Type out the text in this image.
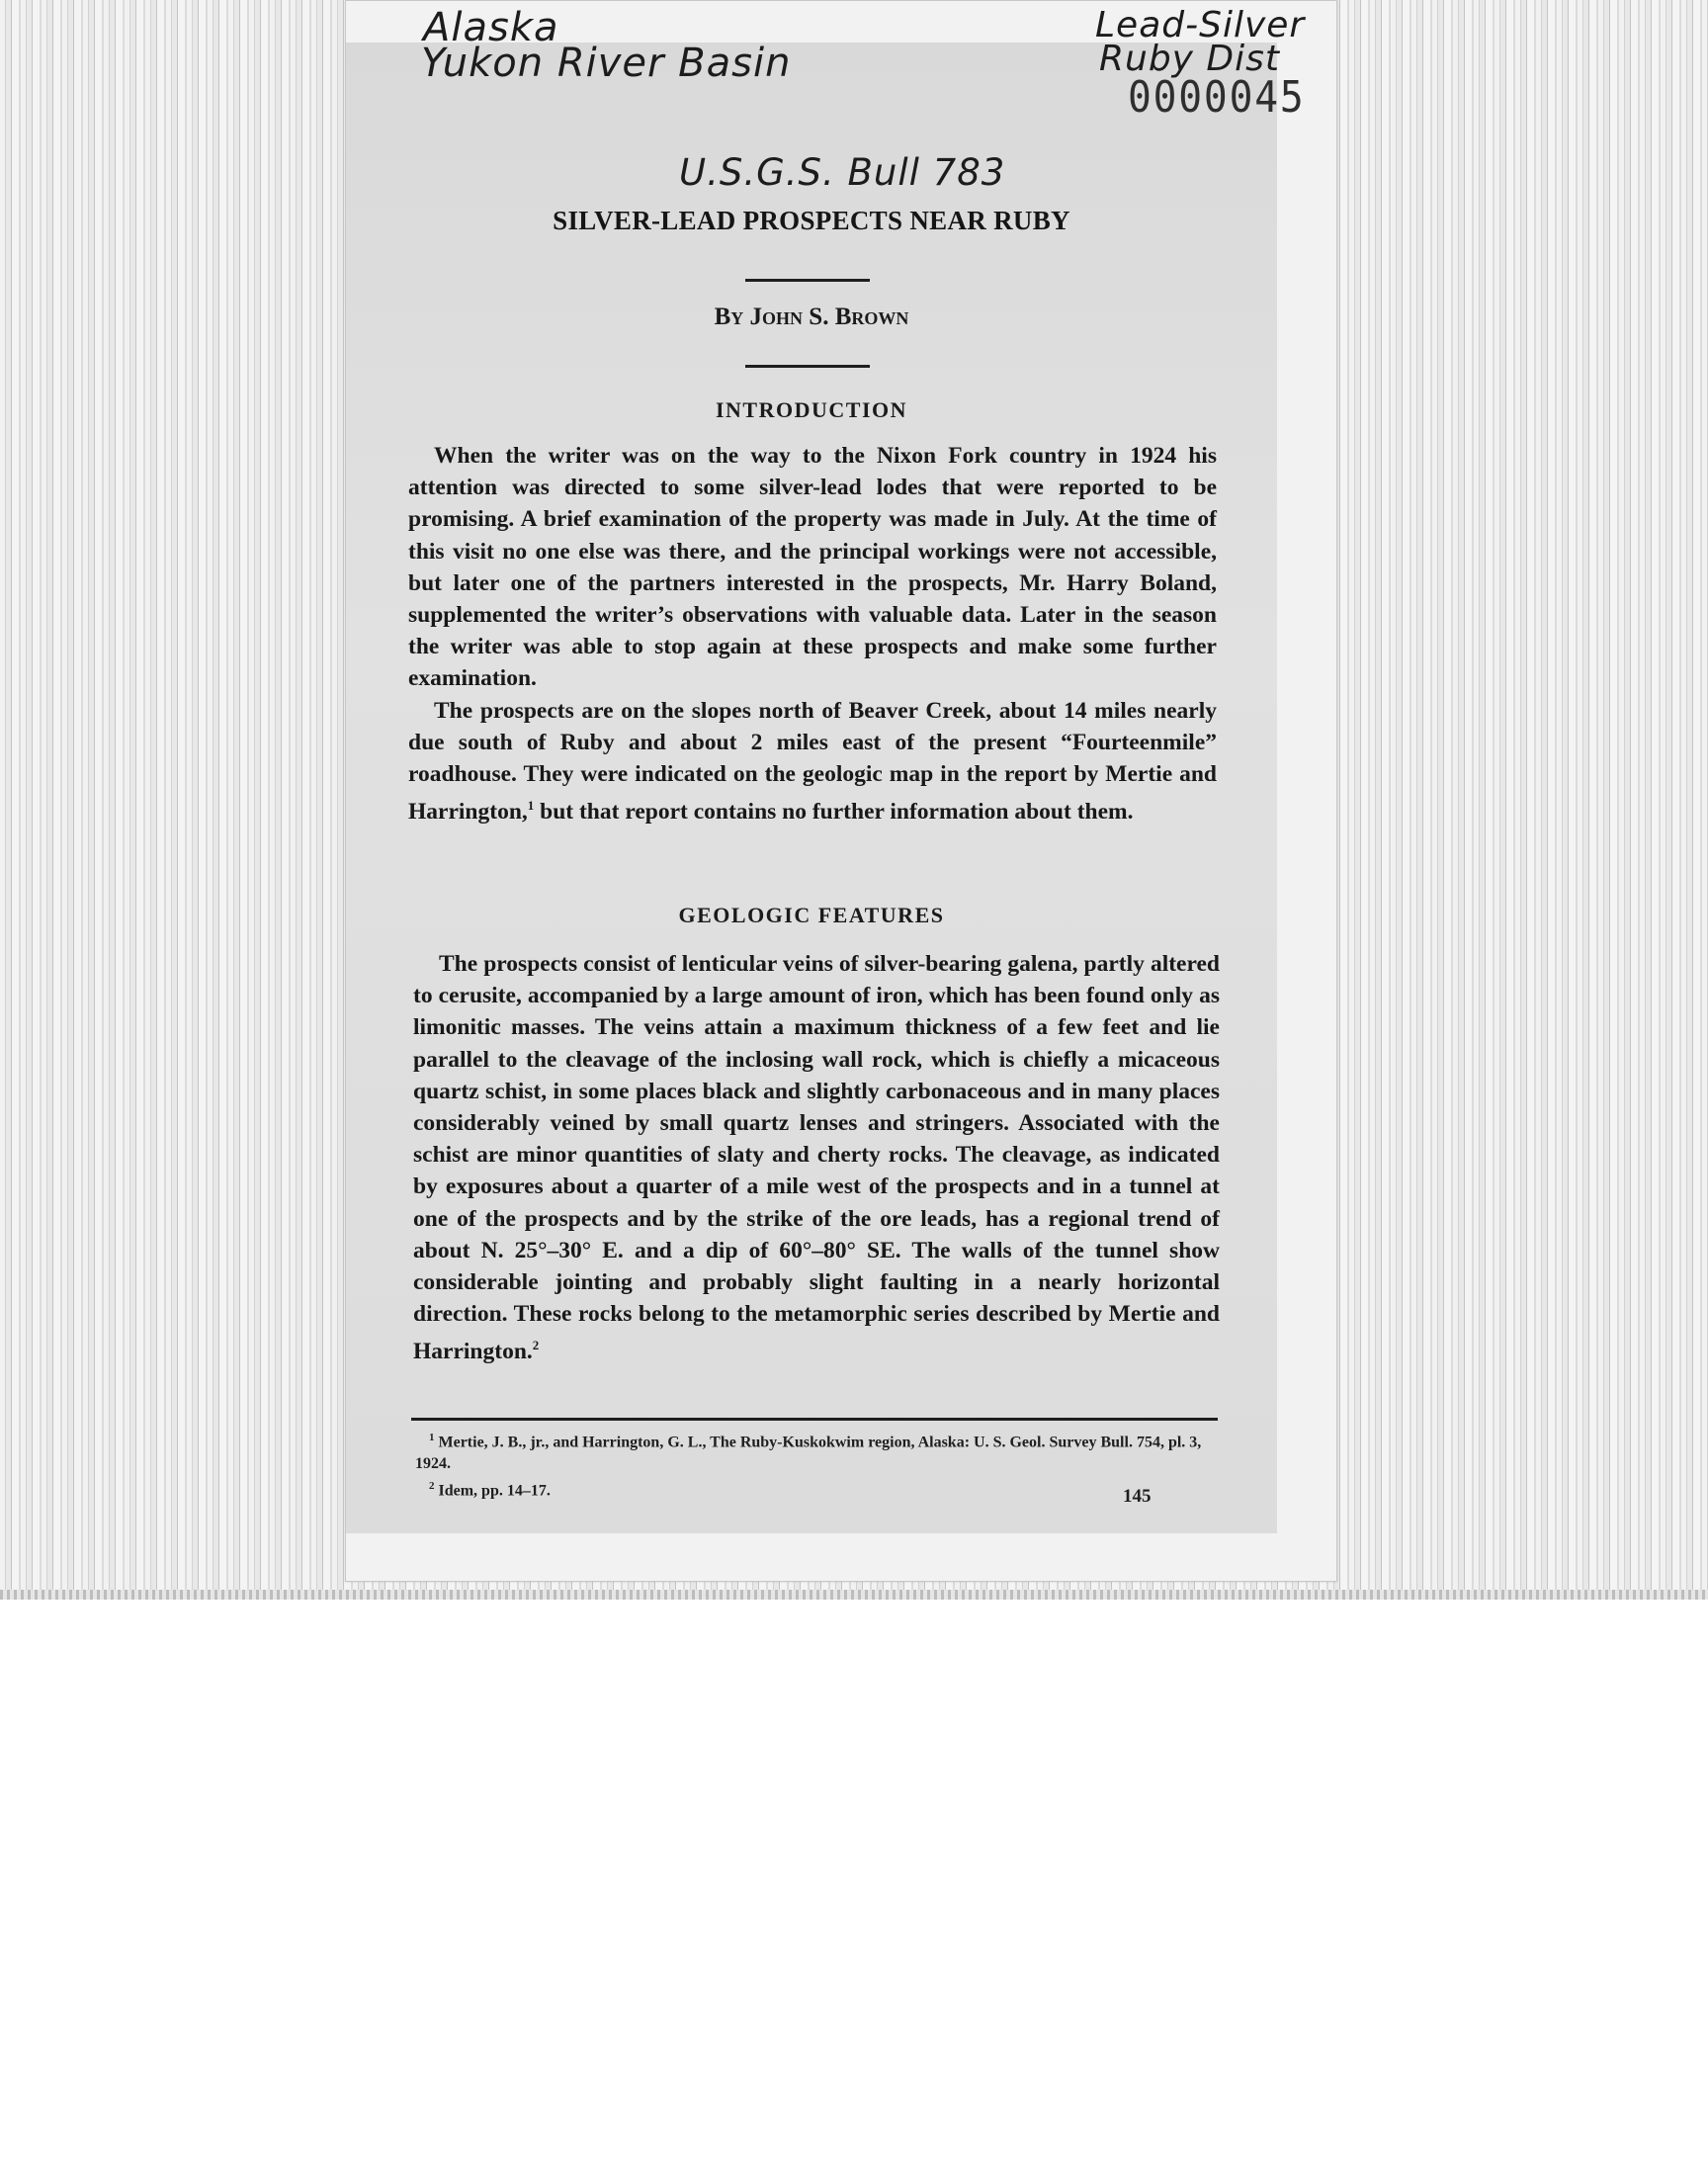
SILVER-LEAD PROSPECTS NEAR RUBY
By John S. Brown
INTRODUCTION

When the writer was on the way to the Nixon Fork country in 1924 his attention was directed to some silver-lead lodes that were reported to be promising. A brief examination of the property was made in July. At the time of this visit no one else was there, and the principal workings were not accessible, but later one of the partners interested in the prospects, Mr. Harry Boland, supplemented the writer’s observations with valuable data. Later in the season the writer was able to stop again at these prospects and make some further examination.

The prospects are on the slopes north of Beaver Creek, about 14 miles nearly due south of Ruby and about 2 miles east of the present “Fourteenmile” roadhouse. They were indicated on the geologic map in the report by Mertie and Harrington,$^1$ but that report contains no further information about them.

GEOLOGIC FEATURES

The prospects consist of lenticular veins of silver-bearing galena, partly altered to cerusite, accompanied by a large amount of iron, which has been found only as limonitic masses. The veins attain a maximum thickness of a few feet and lie parallel to the cleavage of the inclosing wall rock, which is chiefly a micaceous quartz schist, in some places black and slightly carbonaceous and in many places considerably veined by small quartz lenses and stringers. Associated with the schist are minor quantities of slaty and cherty rocks. The cleavage, as indicated by exposures about a quarter of a mile west of the prospects and in a tunnel at one of the prospects and by the strike of the ore leads, has a regional trend of about N. 25°–30° E. and a dip of 60°–80° SE. The walls of the tunnel show considerable jointing and probably slight faulting in a nearly horizontal direction. These rocks belong to the metamorphic series described by Mertie and Harrington.$^2$

$^1$ Mertie, J. B., jr., and Harrington, G. L., The Ruby-Kuskokwim region, Alaska: U. S. Geol. Survey Bull. 754, pl. 3, 1924.
$^2$ Idem, pp. 14–17.	145
Alaska
Yukon River Basin
Lead-Silver
Ruby Dist
0000045
U.S.G.S. Bull 783
